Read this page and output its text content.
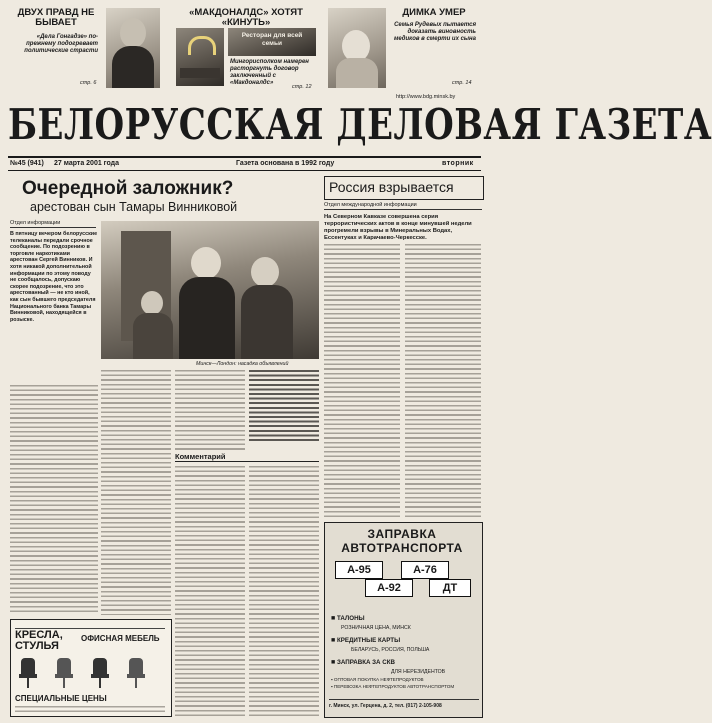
ДВУХ ПРАВД НЕ БЫВАЕТ
«Дела Гонгадзе» по-прежнему подогревает политические страсти
стр. 6
«МАКДОНАЛДС» ХОТЯТ «КИНУТЬ»
Ресторан для всей семьи
Мингорисполком намерен расторгнуть договор заключенный с «Макдоналдс»
стр. 12
ДИМКА УМЕР
Семья Рудевых пытается доказать виновность медиков в смерти их сына
стр. 14
http://www.bdg.minsk.by
БЕЛОРУССКАЯ ДЕЛОВАЯ ГАЗЕТА
№45 (941) 27 марта 2001 года	Газета основана в 1992 году	вторник
Очередной заложник?
арестован сын Тамары Винниковой
Отдел информации
В пятницу вечером белорусские телеканалы передали срочное сообщение. По подозрению в торговле наркотиками арестован Сергей Винников. И хотя никакой дополнительной информации по этому поводу не сообщалось, допускаю скорее подозрение, что это арестованный — не кто иной, как сын бывшего председателя Национального банка Тамары Винниковой, находящейся в розыске.
Минск—Лондон: насадка объявлений
Комментарий
КРЕСЛА, СТУЛЬЯ
ОФИСНАЯ МЕБЕЛЬ
СПЕЦИАЛЬНЫЕ ЦЕНЫ
Россия взрывается
Отдел международной информации
На Северном Кавказе совершена серия террористических актов в конце минувшей недели прогремели взрывы в Минеральных Водах, Ессентуках и Карачаево-Черкесске.
ЗАПРАВКА АВТОТРАНСПОРТА
А-95	А-76
А-92	ДТ
■ ТАЛОНЫ
РОЗНИЧНАЯ ЦЕНА, МИНСК
■ КРЕДИТНЫЕ КАРТЫ
БЕЛАРУСЬ, РОССИЯ, ПОЛЬША
■ ЗАПРАВКА ЗА СКВ
ДЛЯ НЕРЕЗИДЕНТОВ
▪ ОПТОВАЯ ПОКУПКА НЕФТЕПРОДУКТОВ
▪ ПЕРЕВОЗКА НЕФТЕПРОДУКТОВ АВТОТРАНСПОРТОМ
г. Минск, ул. Герцена, д. 2, тел. (017) 2-105-908
